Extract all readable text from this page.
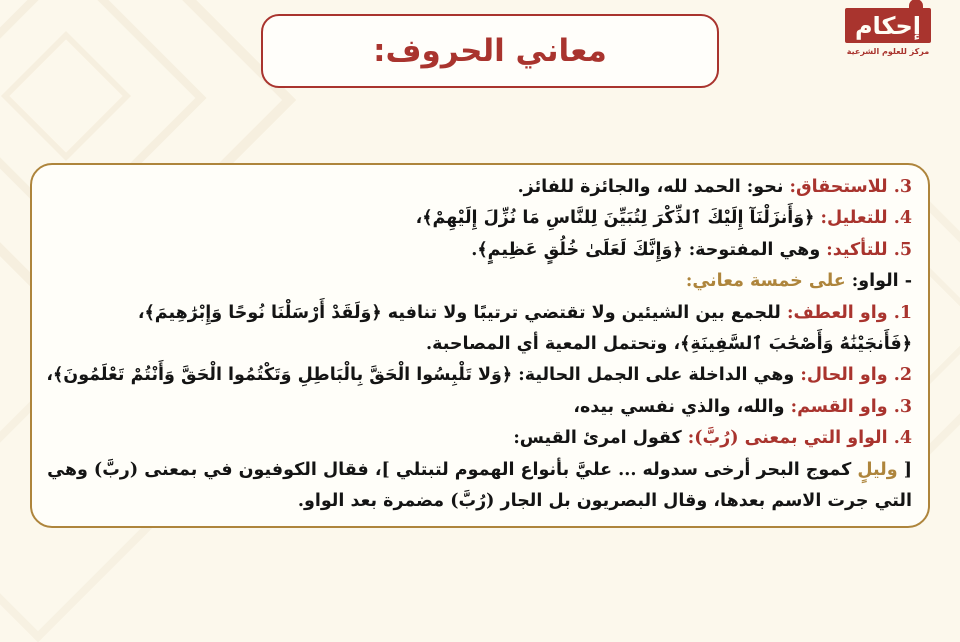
معاني الحروف:
إحكام
مركز للعلوم الشرعية
3. للاستحقاق: نحو: الحمد لله، والجائزة للفائز.
4. للتعليل: ﴿وَأَنزَلْنَآ إِلَيْكَ ٱلذِّكْرَ لِتُبَيِّنَ لِلنَّاسِ مَا نُزِّلَ إِلَيْهِمْ﴾،
5. للتأكيد: وهي المفتوحة: ﴿وَإِنَّكَ لَعَلَىٰ خُلُقٍ عَظِيمٍ﴾.
- الواو: على خمسة معاني:
1. واو العطف: للجمع بين الشيئين ولا تقتضي ترتيبًا ولا تنافيه ﴿وَلَقَدْ أَرْسَلْنَا نُوحًا وَإِبْرَٰهِيمَ﴾،
﴿فَأَنجَيْنَٰهُ وَأَصْحَٰبَ ٱلسَّفِينَةِ﴾، وتحتمل المعية أي المصاحبة.
2. واو الحال: وهي الداخلة على الجمل الحالية: ﴿وَلا تَلْبِسُوا الْحَقَّ بِالْبَاطِلِ وَتَكْتُمُوا الْحَقَّ وَأَنْتُمْ تَعْلَمُونَ﴾،
3. واو القسم: والله، والذي نفسي بيده،
4. الواو التي بمعنى (رُبَّ): كقول امرئ القيس:
[ وليلٍ كموج البحر أرخى سدوله ... عليَّ بأنواع الهموم لتبتلي ]، فقال الكوفيون في بمعنى (ربَّ) وهي
التي جرت الاسم بعدها، وقال البصريون بل الجار (رُبَّ) مضمرة بعد الواو.
